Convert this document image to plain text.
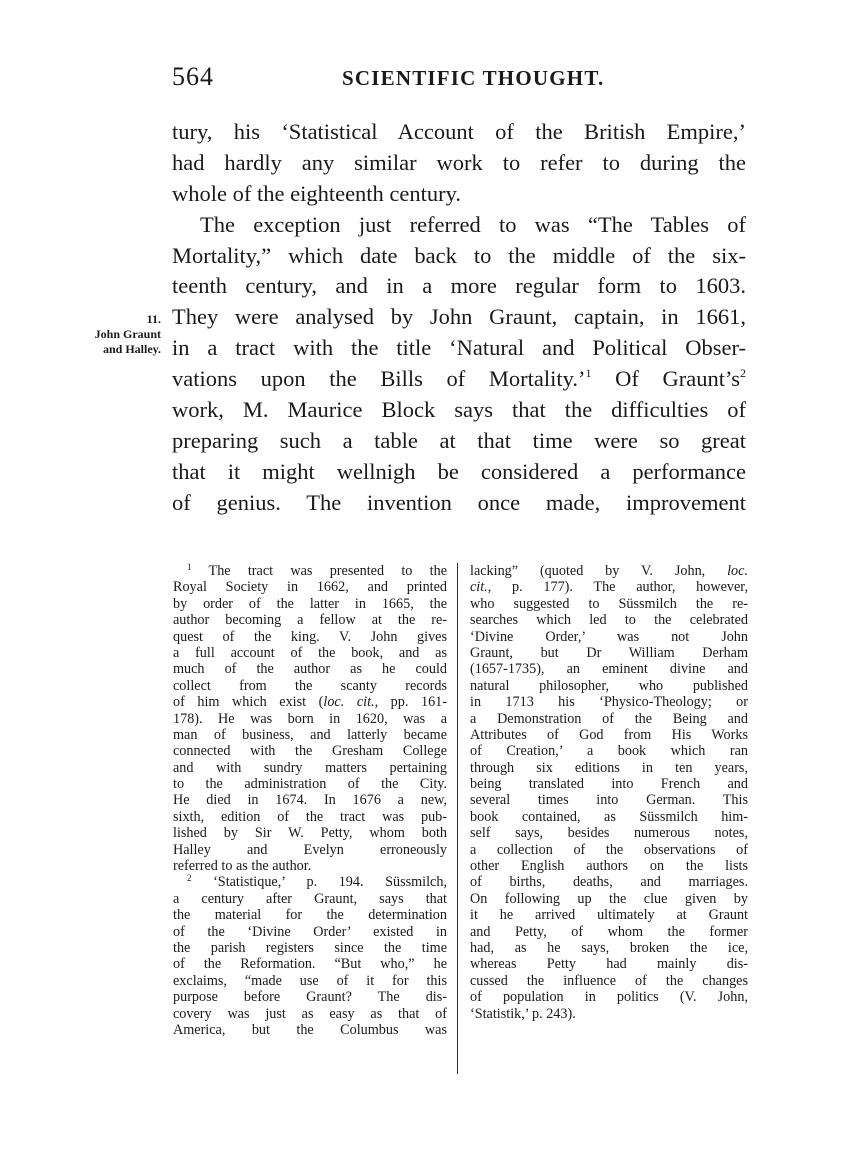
564	SCIENTIFIC THOUGHT.
11.
John Graunt
and Halley.
tury, his ‘Statistical Account of the British Empire,’
had hardly any similar work to refer to during the
whole of the eighteenth century.
The exception just referred to was “The Tables of
Mortality,” which date back to the middle of the six-
teenth century, and in a more regular form to 1603.
They were analysed by John Graunt, captain, in 1661,
in a tract with the title ‘Natural and Political Obser-
vations upon the Bills of Mortality.’$^1$ Of $Graunt’s^2$
work, M. Maurice Block says that the difficulties of
preparing such a table at that time were so great
that it might wellnigh be considered a performance
of genius. The invention once made, improvement
$^1$ The tract was presented to the
Royal Society in 1662, and printed
by order of the latter in 1665, the
author becoming a fellow at the re-
quest of the king. V. John gives
a full account of the book, and as
much of the author as he could
collect from the scanty records
of him which exist (loc. cit., pp. 161-
178). He was born in 1620, was a
man of business, and latterly became
connected with the Gresham College
and with sundry matters pertaining
to the administration of the City.
He died in 1674. In 1676 a new,
sixth, edition of the tract was pub-
lished by Sir W. Petty, whom both
Halley and Evelyn erroneously
referred to as the author.
$^2$ ‘Statistique,’ p. 194. Süssmilch,
a century after Graunt, says that
the material for the determination
of the ‘Divine Order’ existed in
the parish registers since the time
of the Reformation. “But who,” he
exclaims, “made use of it for this
purpose before Graunt? The dis-
covery was just as easy as that of
America, but the Columbus was
lacking” (quoted by V. John, loc.
cit., p. 177). The author, however,
who suggested to Süssmilch the re-
searches which led to the celebrated
‘Divine Order,’ was not John
Graunt, but Dr William Derham
(1657-1735), an eminent divine and
natural philosopher, who published
in 1713 his ‘Physico-Theology; or
a Demonstration of the Being and
Attributes of God from His Works
of Creation,’ a book which ran
through six editions in ten years,
being translated into French and
several times into German. This
book contained, as Süssmilch him-
self says, besides numerous notes,
a collection of the observations of
other English authors on the lists
of births, deaths, and marriages.
On following up the clue given by
it he arrived ultimately at Graunt
and Petty, of whom the former
had, as he says, broken the ice,
whereas Petty had mainly dis-
cussed the influence of the changes
of population in politics (V. John,
‘Statistik,’ p. 243).
